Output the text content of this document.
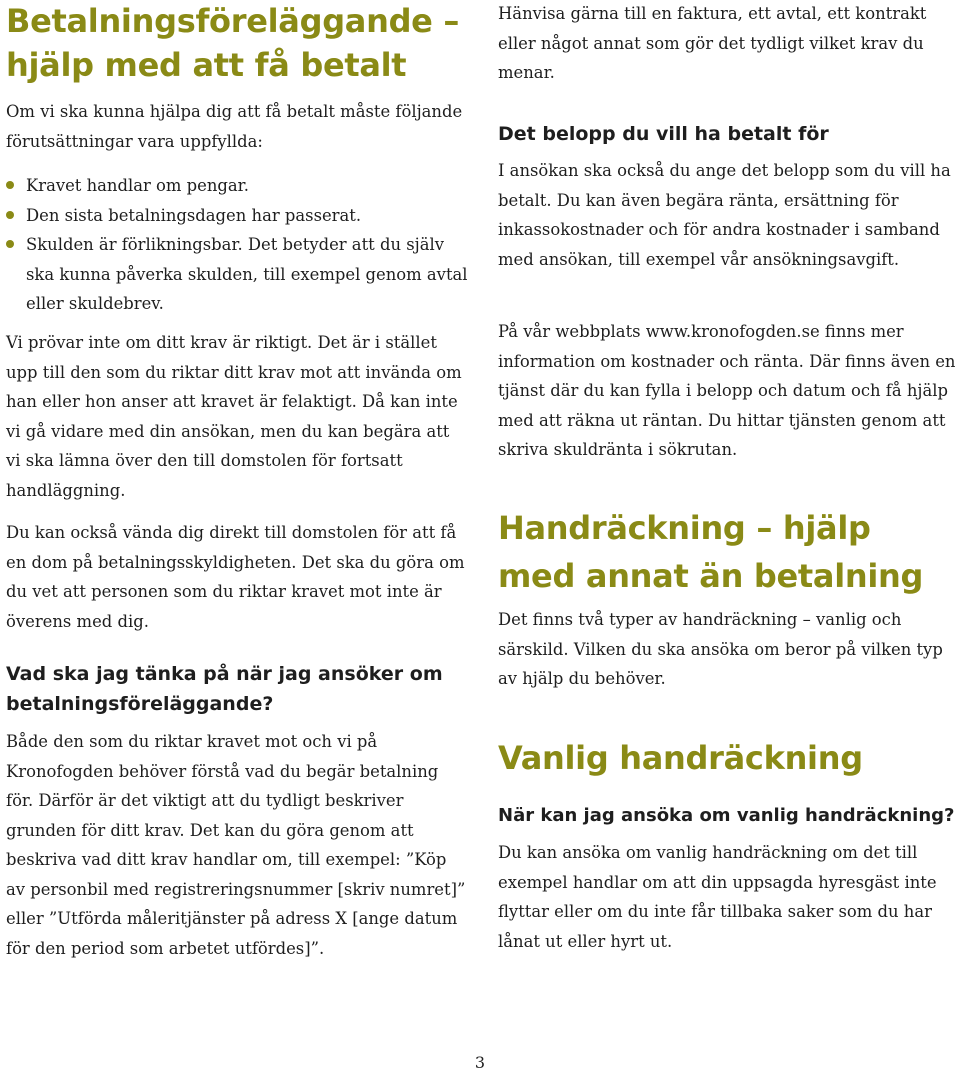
Betalningsföreläggande – hjälp med att få betalt

Om vi ska kunna hjälpa dig att få betalt måste följande förutsättningar vara uppfyllda:

Kravet handlar om pengar.
Den sista betalningsdagen har passerat.
Skulden är förlikningsbar. Det betyder att du själv ska kunna påverka skulden, till exempel genom avtal eller skuldebrev.

Vi prövar inte om ditt krav är riktigt. Det är i stället upp till den som du riktar ditt krav mot att invända om han eller hon anser att kravet är felaktigt. Då kan inte vi gå vidare med din ansökan, men du kan begära att vi ska lämna över den till domstolen för fortsatt handläggning.

Du kan också vända dig direkt till domstolen för att få en dom på betalningsskyldigheten. Det ska du göra om du vet att personen som du riktar kravet mot inte är överens med dig.

Vad ska jag tänka på när jag ansöker om betalningsföreläggande?

Både den som du riktar kravet mot och vi på Kronofogden behöver förstå vad du begär betalning för. Därför är det viktigt att du tydligt beskriver grunden för ditt krav. Det kan du göra genom att beskriva vad ditt krav handlar om, till exempel: ”Köp av personbil med registreringsnummer [skriv numret]” eller ”Utförda måleritjänster på adress X [ange datum för den period som arbetet utfördes]”.

Hänvisa gärna till en faktura, ett avtal, ett kontrakt eller något annat som gör det tydligt vilket krav du menar.

Det belopp du vill ha betalt för

I ansökan ska också du ange det belopp som du vill ha betalt. Du kan även begära ränta, ersättning för inkassokostnader och för andra kostnader i samband med ansökan, till exempel vår ansökningsavgift.

På vår webbplats www.kronofogden.se finns mer information om kostnader och ränta. Där finns även en tjänst där du kan fylla i belopp och datum och få hjälp med att räkna ut räntan. Du hittar tjänsten genom att skriva skuldränta i sökrutan.

Handräckning – hjälp med annat än betalning

Det finns två typer av handräckning – vanlig och särskild. Vilken du ska ansöka om beror på vilken typ av hjälp du behöver.

Vanlig handräckning
När kan jag ansöka om vanlig handräckning?

Du kan ansöka om vanlig handräckning om det till exempel handlar om att din uppsagda hyresgäst inte flyttar eller om du inte får tillbaka saker som du har lånat ut eller hyrt ut.

3
